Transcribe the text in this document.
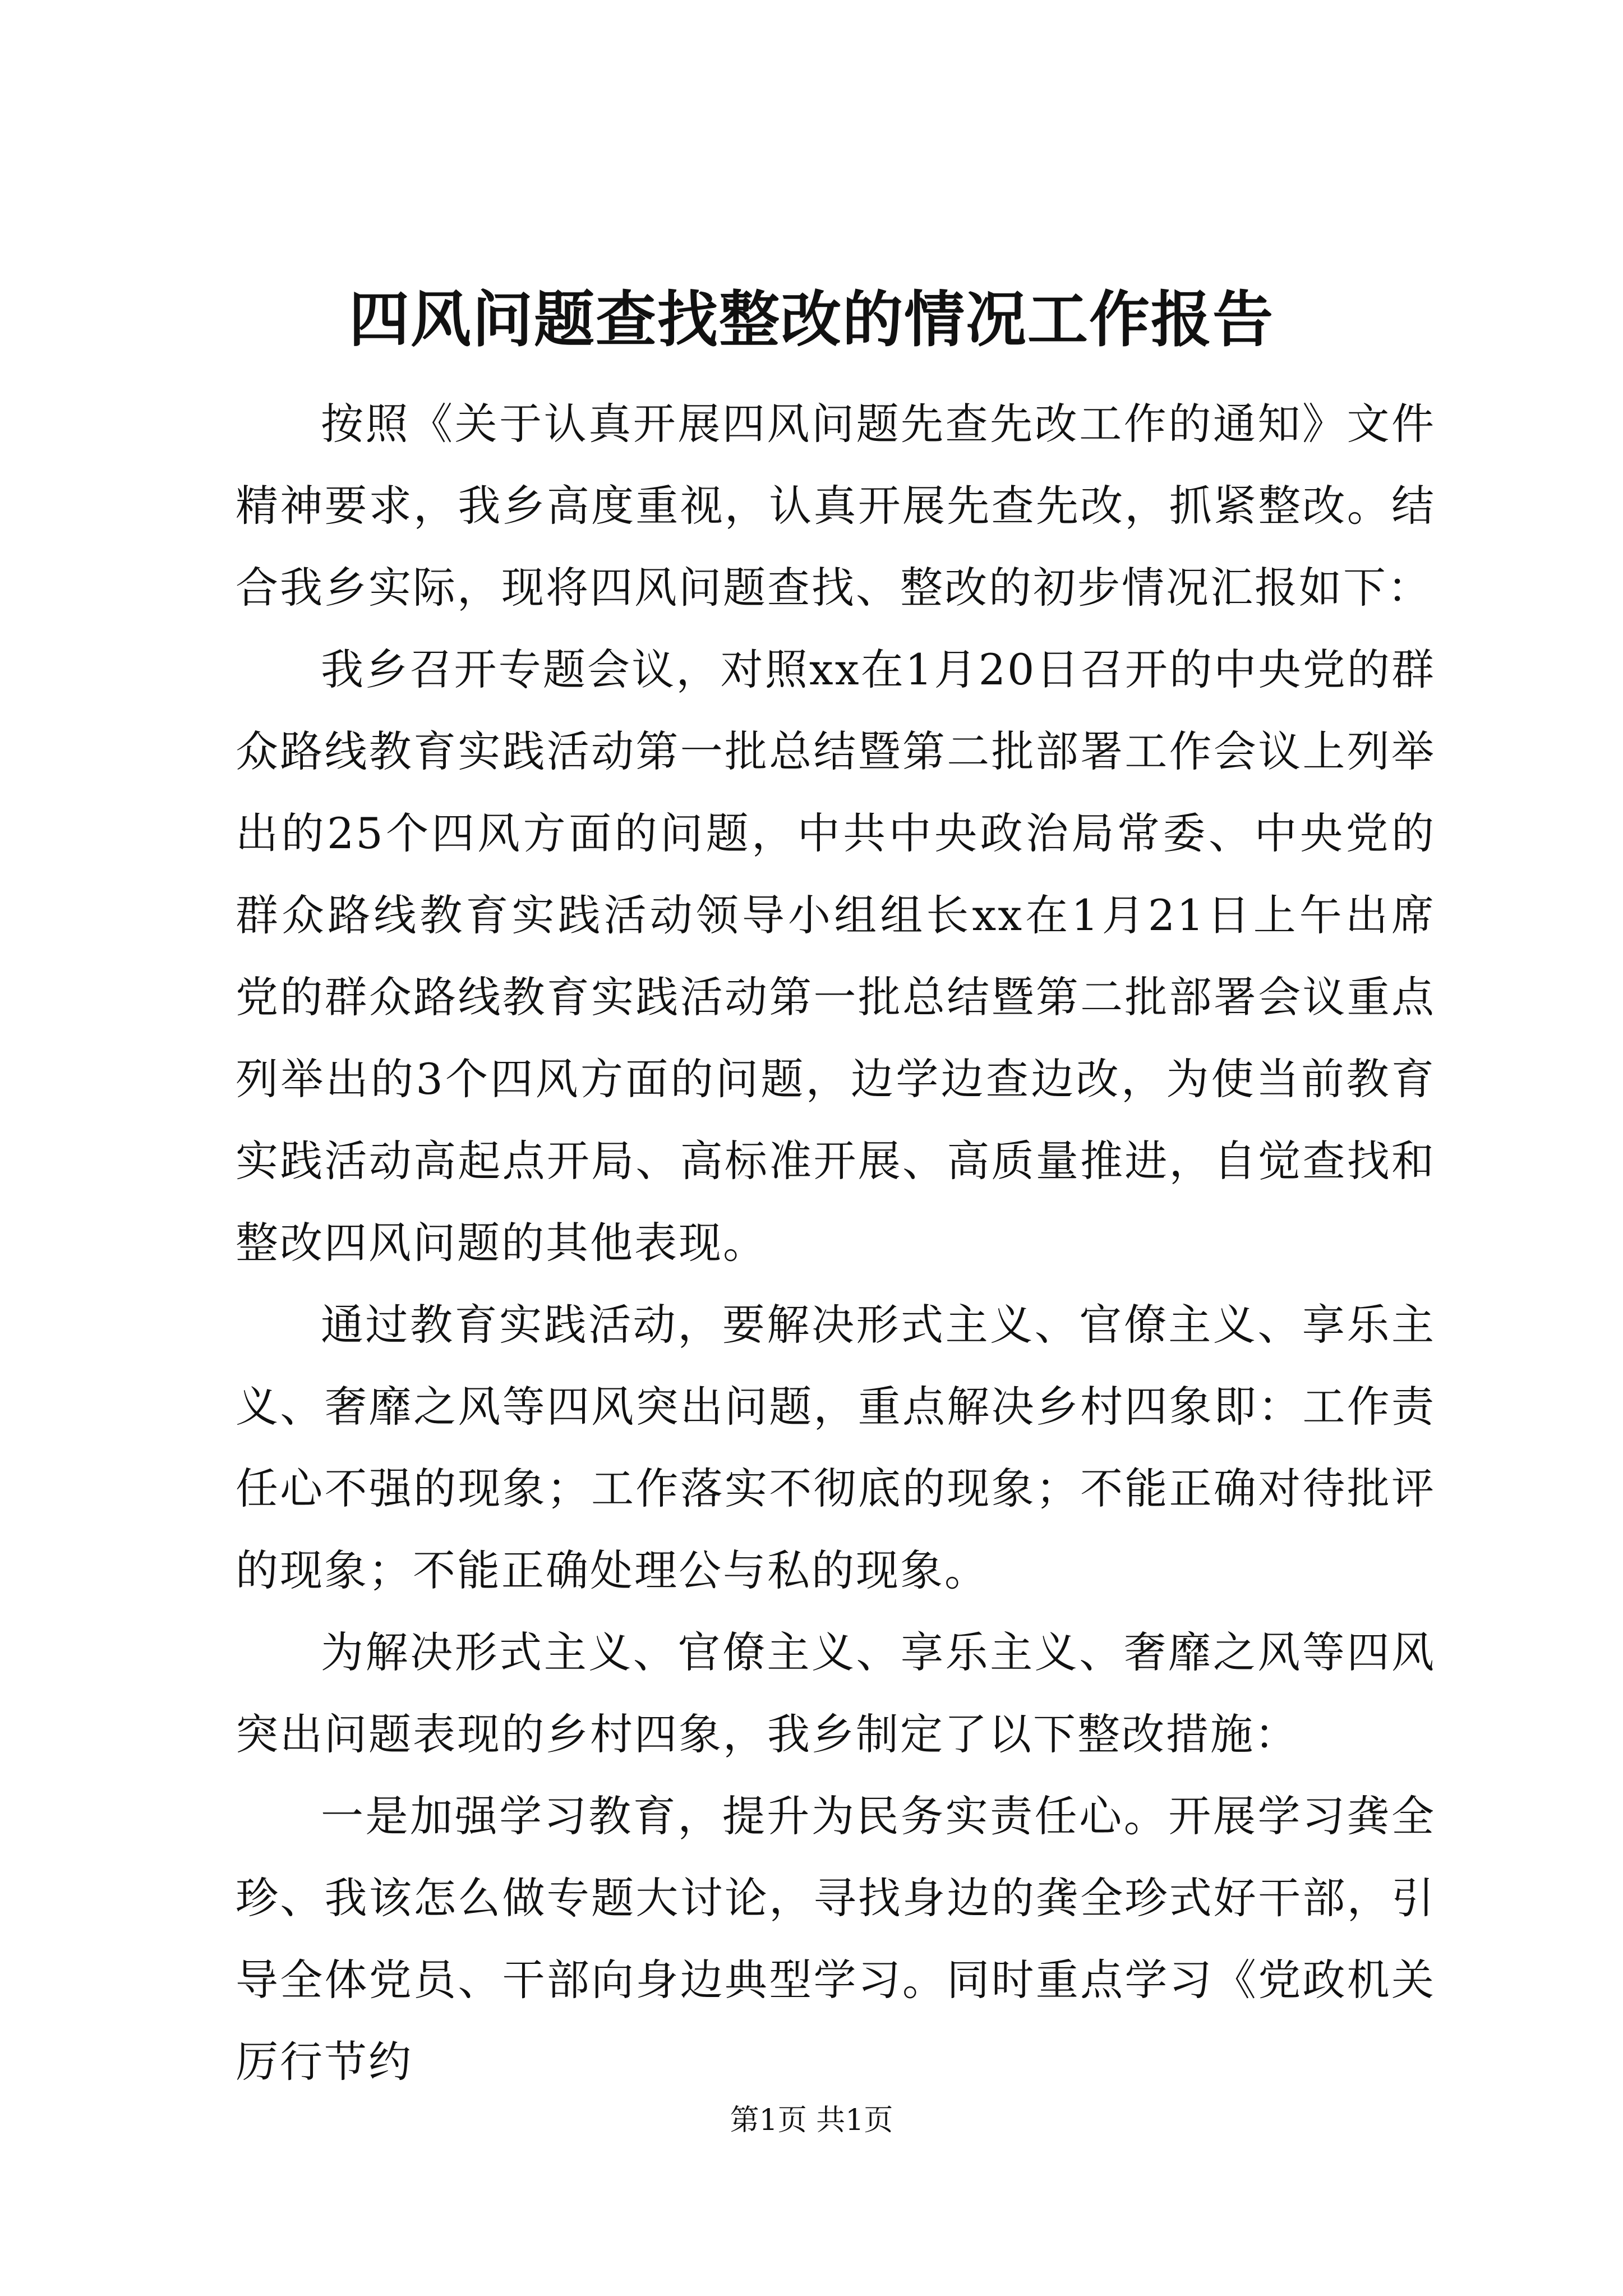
四风问题查找整改的情况工作报告

按照《关于认真开展四风问题先查先改工作的通知》文件精神要求，我乡高度重视，认真开展先查先改，抓紧整改。结合我乡实际，现将四风问题查找、整改的初步情况汇报如下：

我乡召开专题会议，对照xx在1月20日召开的中央党的群众路线教育实践活动第一批总结暨第二批部署工作会议上列举出的25个四风方面的问题，中共中央政治局常委、中央党的群众路线教育实践活动领导小组组长xx在1月21日上午出席党的群众路线教育实践活动第一批总结暨第二批部署会议重点列举出的3个四风方面的问题，边学边查边改，为使当前教育实践活动高起点开局、高标准开展、高质量推进，自觉查找和整改四风问题的其他表现。

通过教育实践活动，要解决形式主义、官僚主义、享乐主义、奢靡之风等四风突出问题，重点解决乡村四象即：工作责任心不强的现象；工作落实不彻底的现象；不能正确对待批评的现象；不能正确处理公与私的现象。

为解决形式主义、官僚主义、享乐主义、奢靡之风等四风突出问题表现的乡村四象，我乡制定了以下整改措施：

一是加强学习教育，提升为民务实责任心。开展学习龚全珍、我该怎么做专题大讨论，寻找身边的龚全珍式好干部，引导全体党员、干部向身边典型学习。同时重点学习《党政机关厉行节约

第1页 共1页
